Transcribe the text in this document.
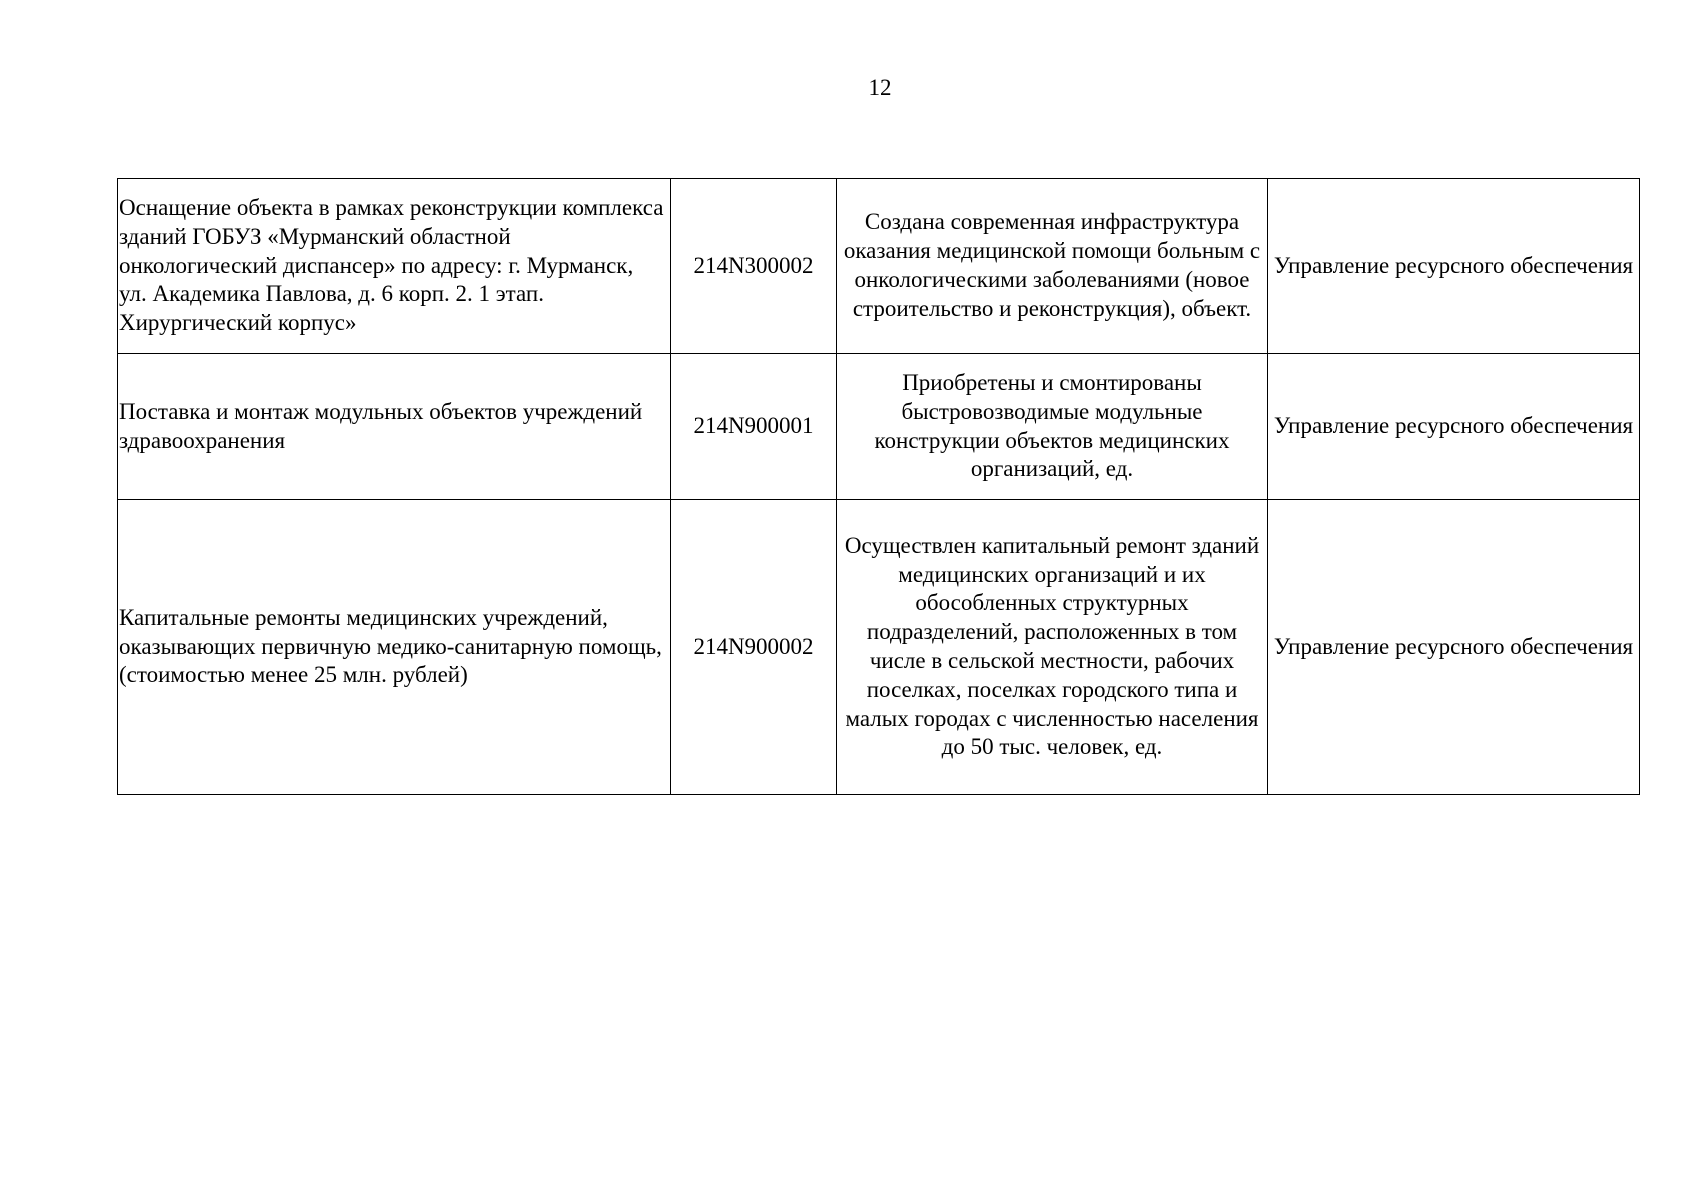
12
Оснащение объекта в рамках реконструкции комплекса зданий ГОБУЗ «Мурманский областной онкологический диспансер» по адресу: г. Мурманск, ул. Академика Павлова, д. 6 корп. 2. 1 этап. Хирургический корпус»	214N300002	Создана современная инфраструктура оказания медицинской помощи больным с онкологическими заболеваниями (новое строительство и реконструкция), объект.	Управление ресурсного обеспечения
Поставка и монтаж модульных объектов учреждений здравоохранения	214N900001	Приобретены и смонтированы быстровозводимые модульные конструкции объектов медицинских организаций, ед.	Управление ресурсного обеспечения
Капитальные ремонты медицинских учреждений, оказывающих первичную медико-санитарную помощь, (стоимостью менее 25 млн. рублей)	214N900002	Осуществлен капитальный ремонт зданий медицинских организаций и их обособленных структурных подразделений, расположенных в том числе в сельской местности, рабочих поселках, поселках городского типа и малых городах с численностью населения до 50 тыс. человек, ед.	Управление ресурсного обеспечения
